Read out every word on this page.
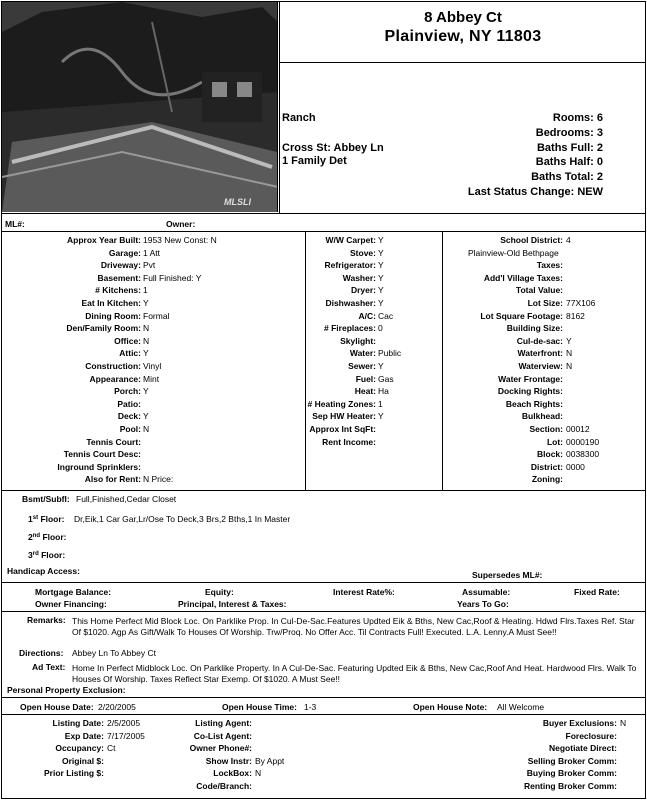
MLSLI
8 Abbey Ct
Plainview, NY 11803
Ranch
Cross St: Abbey Ln
1 Family Det
Rooms: 6
Bedrooms: 3
Baths Full: 2
Baths Half: 0
Baths Total: 2
Last Status Change: NEW
ML#:	Owner:
Approx Year Built: 1953 New Const: N
Garage: 1 Att
Driveway: Pvt
Basement: Full Finished: Y
# Kitchens: 1
Eat In Kitchen: Y
Dining Room: Formal
Den/Family Room: N
Office: N
Attic: Y
Construction: Vinyl
Appearance: Mint
Porch: Y
Patio:
Deck: Y
Pool: N
Tennis Court:
Tennis Court Desc:
Inground Sprinklers:
Also for Rent: N Price:
W/W Carpet: Y
Stove: Y
Refrigerator: Y
Washer: Y
Dryer: Y
Dishwasher: Y
A/C: Cac
# Fireplaces: 0
Skylight:
Water: Public
Sewer: Y
Fuel: Gas
Heat: Ha
# Heating Zones: 1
Sep HW Heater: Y
Approx Int SqFt:
Rent Income:
School District: 4
Plainview-Old Bethpage
Taxes:
Add'l Village Taxes:
Total Value:
Lot Size: 77X106
Lot Square Footage: 8162
Building Size:
Cul-de-sac: Y
Waterfront: N
Waterview: N
Water Frontage:
Docking Rights:
Beach Rights:
Bulkhead:
Section: 00012
Lot: 0000190
Block: 0038300
District: 0000
Zoning:
Bsmt/Subfl: Full,Finished,Cedar Closet
1st Floor: Dr,Eik,1 Car Gar,Lr/Ose To Deck,3 Brs,2 Bths,1 In Master
2nd Floor:
3rd Floor:
Handicap Access:	Supersedes ML#:
Mortgage Balance:	Equity:	Interest Rate%:	Assumable:	Fixed Rate:
Owner Financing:	Principal, Interest & Taxes:	Years To Go:
Remarks: This Home Perfect Mid Block Loc. On Parklike Prop. In Cul-De-Sac.Features Updted Eik & Bths, New Cac,Roof & Heating. Hdwd Flrs.Taxes Ref. Star Of $1020. Agp As Gift/Walk To Houses Of Worship. Trw/Proq. No Offer Acc. Til Contracts Full! Executed. L.A. Lenny.A Must See!!
Directions: Abbey Ln To Abbey Ct
Ad Text: Home In Perfect Midblock Loc. On Parklike Property. In A Cul-De-Sac. Featuring Updted Eik & Bths, New Cac,Roof And Heat. Hardwood Flrs. Walk To Houses Of Worship. Taxes Reflect Star Exemp. Of $1020. A Must See!!
Personal Property Exclusion:
Open House Date: 2/20/2005	Open House Time: 1-3	Open House Note: All Welcome
Listing Date: 2/5/2005
Exp Date: 7/17/2005
Occupancy: Ct
Original $:
Prior Listing $:
Listing Agent:
Co-List Agent:
Owner Phone#:
Show Instr: By Appt
LockBox: N
Code/Branch:
Buyer Exclusions: N
Foreclosure:
Negotiate Direct:
Selling Broker Comm:
Buying Broker Comm:
Renting Broker Comm:
